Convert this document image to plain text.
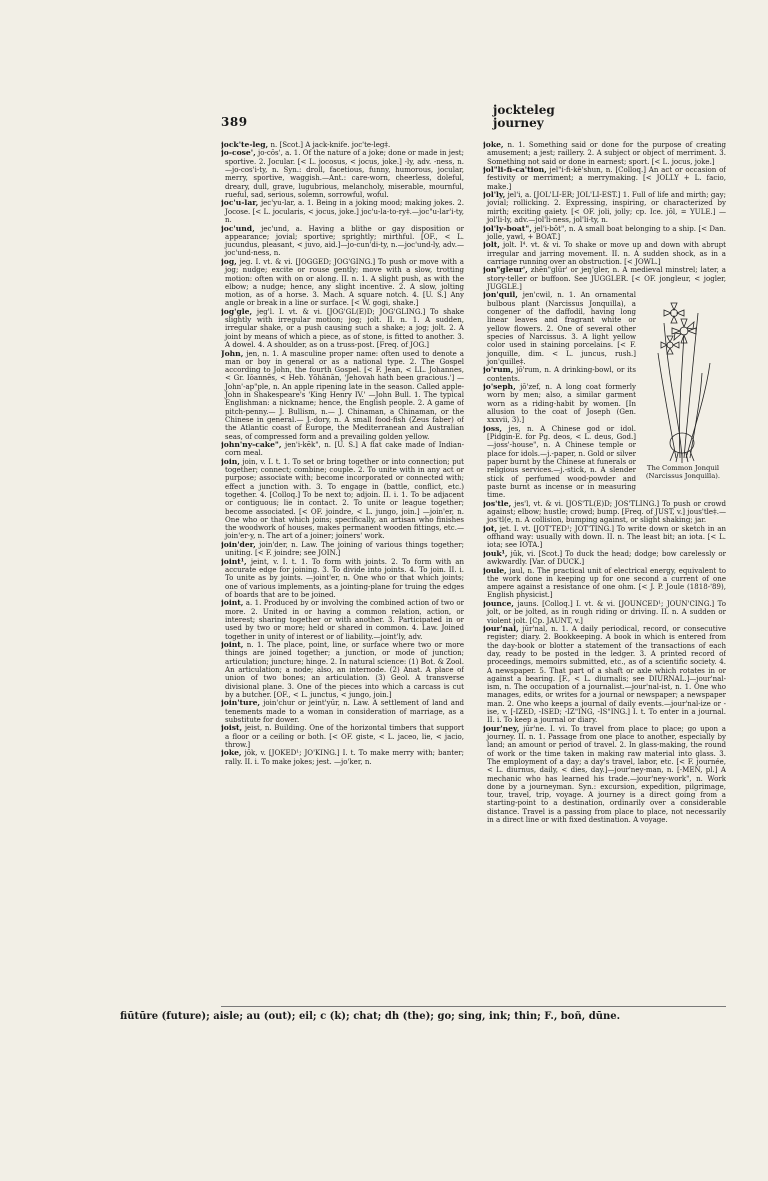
389
jockteleg
journey

jock'te-leg, n. [Scot.] A jack-knife. joc'te-leg‡.

jo-cose', jo-cōs', a. 1. Of the nature of a joke; done or made in jest; sportive. 2. Jocular. [< L. jocosus, < jocus, joke.] -ly, adv. -ness, n.—jo-cos'i-ty, n. Syn.: droll, facetious, funny, humorous, jocular, merry, sportive, waggish.—Ant.: care-worn, cheerless, doleful, dreary, dull, grave, lugubrious, melancholy, miserable, mournful, rueful, sad, serious, solemn, sorrowful, woful.

joc'u-lar, jec'yu-lar, a. 1. Being in a joking mood; making jokes. 2. Jocose. [< L. jocularis, < jocus, joke.] joc'u-la-to-ry‡.—joc"u-lar'i-ty, n.

joc'und, jec'und, a. Having a blithe or gay disposition or appearance; jovial; sportive; sprightly; mirthful. [OF., < L. jucundus, pleasant, < juvo, aid.]—jo-cun'di-ty, n.—joc'und-ly, adv.—joc'und-ness, n.

jog, jeg. I. vt. & vi. [JOGGED; JOG'GING.] To push or move with a jog; nudge; excite or rouse gently; move with a slow, trotting motion: often with on or along. II. n. 1. A slight push, as with the elbow; a nudge; hence, any slight incentive. 2. A slow, jolting motion, as of a horse. 3. Mach. A square notch. 4. [U. S.] Any angle or break in a line or surface. [< W. gogi, shake.]

jog'gle, jeg'l. I. vt. & vi. [JOG'GL(E)D; JOG'GLING.] To shake slightly with irregular motion; jog; jolt. II. n. 1. A sudden, irregular shake, or a push causing such a shake; a jog; jolt. 2. A joint by means of which a piece, as of stone, is fitted to another. 3. A dowel. 4. A shoulder, as on a truss-post. [Freq. of JOG.]

John, jen, n. 1. A masculine proper name: often used to denote a man or boy in general or as a national type. 2. The Gospel according to John, the fourth Gospel. [< F. Jean, < LL. Johannes, < Gr. Iōannēs, < Heb. Yōhānān, 'Jehovah hath been gracious.'] —John'-ap"ple, n. An apple ripening late in the season. Called apple-John in Shakespeare's 'King Henry IV.' —John Bull. 1. The typical Englishman: a nickname; hence, the English people. 2. A game of pitch-penny.— J. Bullism, n.— J. Chinaman, a Chinaman, or the Chinese in general.— J.-dory, n. A small food-fish (Zeus faber) of the Atlantic coast of Europe, the Mediterranean and Australian seas, of compressed form and a prevailing golden yellow.

john'ny-cake", jen'i-kēk", n. [U. S.] A flat cake made of Indian-corn meal.

join, join, v. I. t. 1. To set or bring together or into connection; put together; connect; combine; couple. 2. To unite with in any act or purpose; associate with; become incorporated or connected with; effect a junction with. 3. To engage in (battle, conflict, etc.) together. 4. [Colloq.] To be next to; adjoin. II. i. 1. To be adjacent or contiguous; lie in contact. 2. To unite or league together; become associated. [< OF. joindre, < L. jungo, join.] —join'er, n. One who or that which joins; specifically, an artisan who finishes the woodwork of houses, makes permanent wooden fittings, etc.—join'er-y, n. The art of a joiner; joiners' work.

join'der, join'der, n. Law. The joining of various things together; uniting. [< F. joindre; see JOIN.]

joint¹, jeint, v. I. t. 1. To form with joints. 2. To form with an accurate edge for joining. 3. To divide into joints. 4. To join. II. i. To unite as by joints. —joint'er, n. One who or that which joints; one of various implements, as a jointing-plane for truing the edges of boards that are to be joined.

joint, a. 1. Produced by or involving the combined action of two or more. 2. United in or having a common relation, action, or interest; sharing together or with another. 3. Participated in or used by two or more; held or shared in common. 4. Law. Joined together in unity of interest or of liability.—joint'ly, adv.

joint, n. 1. The place, point, line, or surface where two or more things are joined together; a junction, or mode of junction; articulation; juncture; hinge. 2. In natural science: (1) Bot. & Zool. An articulation; a node; also, an internode. (2) Anat. A place of union of two bones; an articulation. (3) Geol. A transverse divisional plane. 3. One of the pieces into which a carcass is cut by a butcher. [OF., < L. junctus, < jungo, join.]

join'ture, join'chur or jeint'yūr, n. Law. A settlement of land and tenements made to a woman in consideration of marriage, as a substitute for dower.

joist, jeist, n. Building. One of the horizontal timbers that support a floor or a ceiling or both. [< OF. giste, < L. jaceo, lie, < jacio, throw.]

joke, jōk, v. [JOKED¹; JO'KING.] I. t. To make merry with; banter; rally. II. i. To make jokes; jest. —jo'ker, n.

joke, n. 1. Something said or done for the purpose of creating amusement; a jest; raillery. 2. A subject or object of merriment. 3. Something not said or done in earnest; sport. [< L. jocus, joke.]

jol"li-fi-ca'tion, jel"i-fi-kē'shun, n. [Colloq.] An act or occasion of festivity or merriment; a merrymaking. [< JOLLY + L. facio, make.]

jol'ly, jel'i, a. [JOL'LI-ER; JOL'LI-EST.] 1. Full of life and mirth; gay; jovial; rollicking. 2. Expressing, inspiring, or characterized by mirth; exciting gaiety. [< OF. joli, jolly; cp. Ice. jōl, = YULE.] —jol'li-ly, adv.—jol'li-ness, jol'li-ty, n.

jol'ly-boat", jel'i-bōt", n. A small boat belonging to a ship. [< Dan. jolle, yawl, + BOAT.]

jolt, jolt. I⁴. vt. & vi. To shake or move up and down with abrupt irregular and jarring movement. II. n. A sudden shock, as in a carriage running over an obstruction. [< JOWL.]

jon"gleur', zhēn"glūr' or jeŋ'gler, n. A medieval minstrel; later, a story-teller or buffoon. See JUGGLER. [< OF. jongleur, < jogler, JUGGLE.]

The Common Jonquil (Narcissus Jonquilla).

jon'quil, jen'cwil, n. 1. An ornamental bulbous plant (Narcissus Jonquilla), a congener of the daffodil, having long linear leaves and fragrant white or yellow flowers. 2. One of several other species of Narcissus. 3. A light yellow color used in staining porcelains. [< F. jonquille, dim. < L. juncus, rush.] jon'quille‡.

jo'rum, jō'rum, n. A drinking-bowl, or its contents.

jo'seph, jō'zef, n. A long coat formerly worn by men; also, a similar garment worn as a riding-habit by women. [In allusion to the coat of Joseph (Gen. xxxvii, 3).]

joss, jes, n. A Chinese god or idol. [Pidgin-E. for Pg. deos, < L. deus, God.]—joss'-house", n. A Chinese temple or place for idols.—j.-paper, n. Gold or silver paper burnt by the Chinese at funerals or religious services.—j.-stick, n. A slender stick of perfumed wood-powder and paste burnt as incense or in measuring time.

jos'tle, jes'l, vt. & vi. [JOS'TL(E)D; JOS'TLING.] To push or crowd against; elbow; hustle; crowd; bump. [Freq. of JUST, v.] jous'tle‡.—jos'tl(e, n. A collision, bumping against, or slight shaking; jar.

jot, jet. I. vt. [JOT'TED¹; JOT'TING.] To write down or sketch in an offhand way: usually with down. II. n. The least bit; an iota. [< L. iota; see IOTA.]

jouk¹, jūk, vi. [Scot.] To duck the head; dodge; bow carelessly or awkwardly. [Var. of DUCK.]

joule, jaul, n. The practical unit of electrical energy, equivalent to the work done in keeping up for one second a current of one ampere against a resistance of one ohm. [< J. P. Joule (1818-'89), English physicist.]

jounce, jauns. [Colloq.] I. vt. & vi. [JOUNCED¹; JOUN'CING.] To jolt, or be jolted, as in rough riding or driving. II. n. A sudden or violent jolt. [Cp. JAUNT, v.]

jour'nal, jūr'nal, n. 1. A daily periodical, record, or consecutive register; diary. 2. Bookkeeping. A book in which is entered from the day-book or blotter a statement of the transactions of each day, ready to be posted in the ledger. 3. A printed record of proceedings, memoirs submitted, etc., as of a scientific society. 4. A newspaper. 5. That part of a shaft or axle which rotates in or against a bearing. [F., < L. diurnalis; see DIURNAL.]—jour'nal-ism, n. The occupation of a journalist.—jour'nal-ist, n. 1. One who manages, edits, or writes for a journal or newspaper; a newspaper man. 2. One who keeps a journal of daily events.—jour'nal-ize or -ise, v. [-IZED, -ISED; -IZ"ING, -IS"ING.] I. t. To enter in a journal. II. i. To keep a journal or diary.

jour'ney, jūr'ne. I. vi. To travel from place to place; go upon a journey. II. n. 1. Passage from one place to another, especially by land; an amount or period of travel. 2. In glass-making, the round of work or the time taken in making raw material into glass. 3. The employment of a day; a day's travel, labor, etc. [< F. journée, < L. diurnus, daily, < dies, day.]—jour'ney-man, n. [-MEN, pl.] A mechanic who has learned his trade.—jour'ney-work", n. Work done by a journeyman. Syn.: excursion, expedition, pilgrimage, tour, travel, trip, voyage. A journey is a direct going from a starting-point to a destination, ordinarily over a considerable distance. Travel is a passing from place to place, not necessarily in a direct line or with fixed destination. A voyage.

fiūtūre (future); aisle; au (out); eil; c (k); chat; dh (the); go; sing, ink; thin; F., boñ, dūne.
